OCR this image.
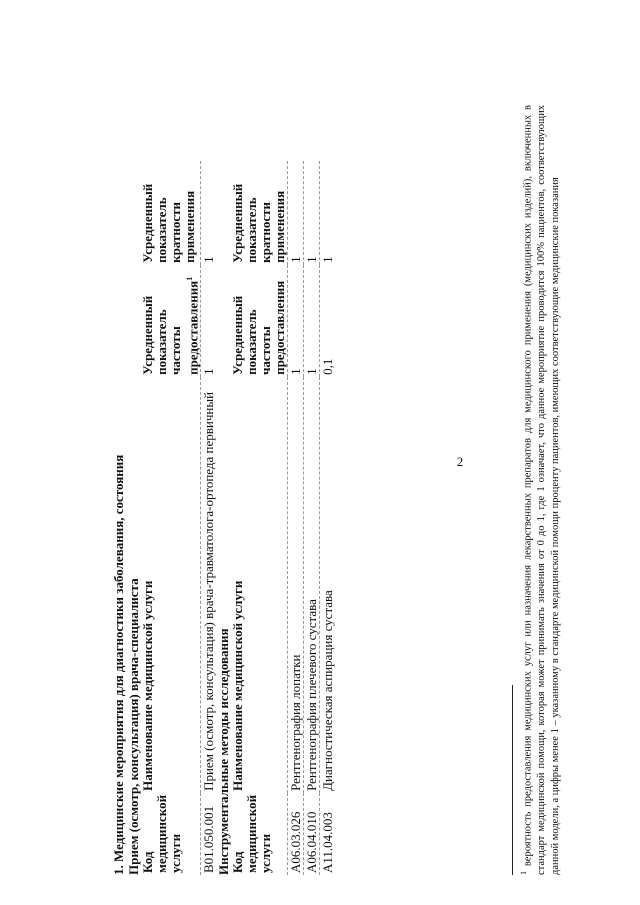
2
1. Медицинские мероприятия для диагностики заболевания, состояния Прием (осмотр, консультация) врача-специалиста Код медицинской услуги	Наименование медицинской услуги	Усредненный показатель частоты предоставления$^1$	Усредненный показатель кратности применения
B01.050.001	Прием (осмотр, консультация) врача-травматолога-ортопеда первичный	1	1
Инструментальные методы исследования Код медицинской услуги	Наименование медицинской услуги	Усредненный показатель частоты предоставления	Усредненный показатель кратности применения
A06.03.026	Рентгенография лопатки	1	1
A06.04.010	Рентгенография плечевого сустава	1	1
A11.04.003	Диагностическая аспирация сустава	0,1	1
$^1$ вероятность предоставления медицинских услуг или назначения лекарственных препаратов для медицинского применения (медицинских изделий), включенных в стандарт медицинской помощи, которая может принимать значения от 0 до 1, где 1 означает, что данное мероприятие проводится 100% пациентов, соответствующих данной модели, а цифры менее 1 – указанному в стандарте медицинской помощи проценту пациентов, имеющих соответствующие медицинские показания
